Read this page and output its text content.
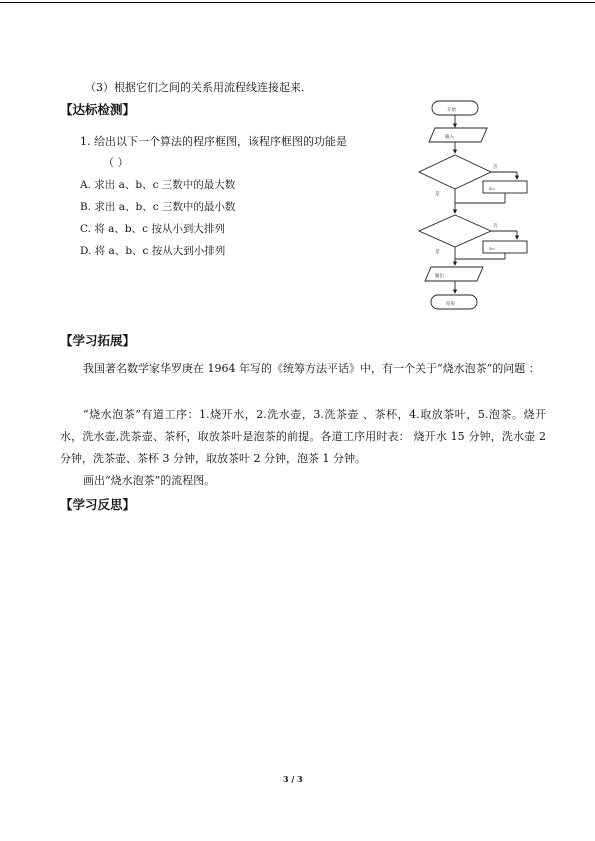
（3）根据它们之间的关系用流程线连接起来.
【达标检测】
1. 给出以下一个算法的程序框图，该程序框图的功能是
（ ）
A. 求出 a、b、c 三数中的最大数
B. 求出 a、b、c 三数中的最小数
C. 将 a、b、c 按从小到大排列
D. 将 a、b、c 按从大到小排列
开始
输入
否
a=
是
否
a=
是
输出
结束
【学习拓展】
我国著名数学家华罗庚在 1964 年写的《统筹方法平话》中，有一个关于“烧水泡茶”的问题 ：
“烧水泡茶”有道工序：1.烧开水，2.洗水壶，3.洗茶壶 、茶杯，4.取放茶叶，5.泡茶。烧开水，洗水壶,洗茶壶、茶杯，取放茶叶是泡茶的前提。各道工序用时表： 烧开水 15 分钟，洗水壶 2 分钟，洗茶壶、茶杯 3 分钟，取放茶叶 2 分钟，泡茶 1 分钟。
画出“烧水泡茶”的流程图。
【学习反思】
3 / 3
